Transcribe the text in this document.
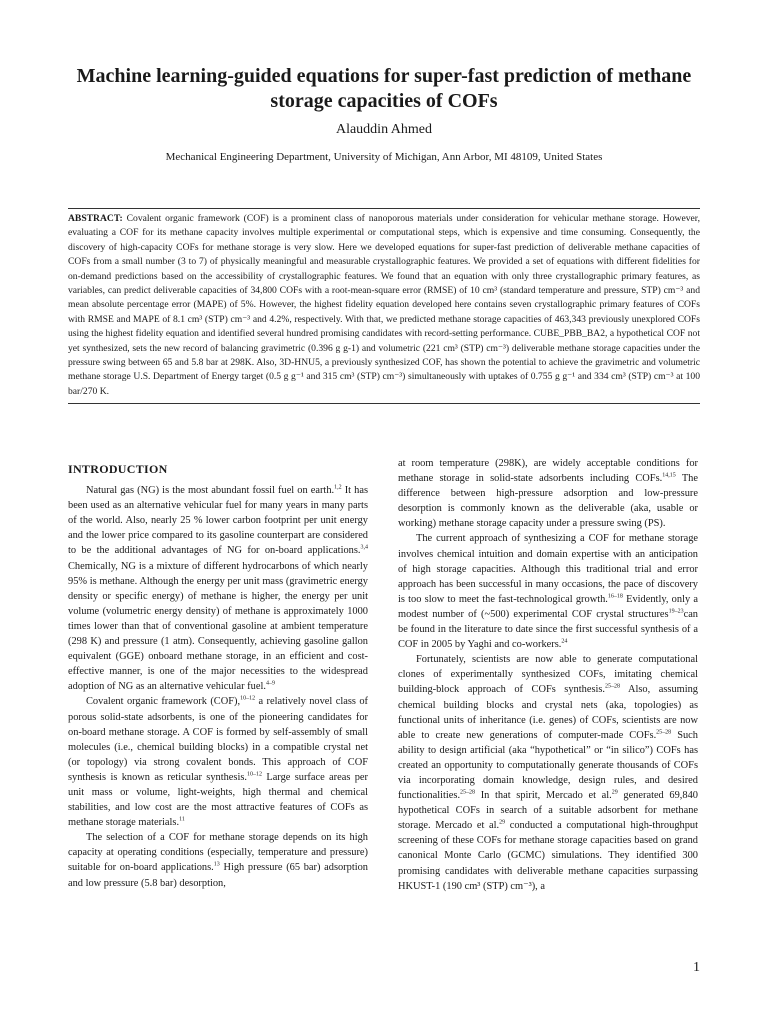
Machine learning-guided equations for super-fast prediction of methane storage capacities of COFs
Alauddin Ahmed
Mechanical Engineering Department, University of Michigan, Ann Arbor, MI 48109, United States

ABSTRACT: Covalent organic framework (COF) is a prominent class of nanoporous materials under consideration for vehicular methane storage. However, evaluating a COF for its methane capacity involves multiple experimental or computational steps, which is expensive and time consuming. Consequently, the discovery of high-capacity COFs for methane storage is very slow. Here we developed equations for super-fast prediction of deliverable methane capacities of COFs from a small number (3 to 7) of physically meaningful and measurable crystallographic features. We provided a set of equations with different fidelities for on-demand predictions based on the accessibility of crystallographic features. We found that an equation with only three crystallographic primary features, as variables, can predict deliverable capacities of 34,800 COFs with a root-mean-square error (RMSE) of 10 cm³ (standard temperature and pressure, STP) cm⁻³ and mean absolute percentage error (MAPE) of 5%. However, the highest fidelity equation developed here contains seven crystallographic primary features of COFs with RMSE and MAPE of 8.1 cm³ (STP) cm⁻³ and 4.2%, respectively. With that, we predicted methane storage capacities of 463,343 previously unexplored COFs using the highest fidelity equation and identified several hundred promising candidates with record-setting performance. CUBE_PBB_BA2, a hypothetical COF not yet synthesized, sets the new record of balancing gravimetric (0.396 g g-1) and volumetric (221 cm³ (STP) cm⁻³) deliverable methane storage capacities under the pressure swing between 65 and 5.8 bar at 298K. Also, 3D-HNU5, a previously synthesized COF, has shown the potential to achieve the gravimetric and volumetric methane storage U.S. Department of Energy target (0.5 g g⁻¹ and 315 cm³ (STP) cm⁻³) simultaneously with uptakes of 0.755 g g⁻¹ and 334 cm³ (STP) cm⁻³ at 100 bar/270 K.

INTRODUCTION

Natural gas (NG) is the most abundant fossil fuel on earth.$^{1,2}$ It has been used as an alternative vehicular fuel for many years in many parts of the world. Also, nearly 25 % lower carbon footprint per unit energy and the lower price compared to its gasoline counterpart are considered to be the additional advantages of NG for on-board applications.$^{3,4}$ Chemically, NG is a mixture of different hydrocarbons of which nearly 95% is methane. Although the energy per unit mass (gravimetric energy density or specific energy) of methane is higher, the energy per unit volume (volumetric energy density) of methane is approximately 1000 times lower than that of conventional gasoline at ambient temperature (298 K) and pressure (1 atm). Consequently, achieving gasoline gallon equivalent (GGE) onboard methane storage, in an efficient and cost-effective manner, is one of the major necessities to the widespread adoption of NG as an alternative vehicular fuel.$^{4-9}$

Covalent organic framework (COF),$^{10-12}$ a relatively novel class of porous solid-state adsorbents, is one of the pioneering candidates for on-board methane storage. A COF is formed by self-assembly of small molecules (i.e., chemical building blocks) in a compatible crystal net (or topology) via strong covalent bonds. This approach of COF synthesis is known as reticular synthesis.$^{10-12}$ Large surface areas per unit mass or volume, light-weights, high thermal and chemical stabilities, and low cost are the most attractive features of COFs as methane storage materials.$^{11}$

The selection of a COF for methane storage depends on its high capacity at operating conditions (especially, temperature and pressure) suitable for on-board applications.$^{13}$ High pressure (65 bar) adsorption and low pressure (5.8 bar) desorption,

at room temperature (298K), are widely acceptable conditions for methane storage in solid-state adsorbents including COFs.$^{14,15}$ The difference between high-pressure adsorption and low-pressure desorption is commonly known as the deliverable (aka, usable or working) methane storage capacity under a pressure swing (PS).

The current approach of synthesizing a COF for methane storage involves chemical intuition and domain expertise with an anticipation of high storage capacities. Although this traditional trial and error approach has been successful in many occasions, the pace of discovery is too slow to meet the fast-technological growth.$^{16-18}$ Evidently, only a modest number of (~500) experimental COF crystal structures$^{19-23}$can be found in the literature to date since the first successful synthesis of a COF in 2005 by Yaghi and co-workers.$^{24}$

Fortunately, scientists are now able to generate computational clones of experimentally synthesized COFs, imitating chemical building-block approach of COFs synthesis.$^{25-28}$ Also, assuming chemical building blocks and crystal nets (aka, topologies) as functional units of inheritance (i.e. genes) of COFs, scientists are now able to create new generations of computer-made COFs.$^{25-28}$ Such ability to design artificial (aka “hypothetical” or “in silico”) COFs has created an opportunity to computationally generate thousands of COFs via incorporating domain knowledge, design rules, and desired functionalities.$^{25-28}$ In that spirit, Mercado et al.$^{29}$ generated 69,840 hypothetical COFs in search of a suitable adsorbent for methane storage. Mercado et al.$^{29}$ conducted a computational high-throughput screening of these COFs for methane storage capacities based on grand canonical Monte Carlo (GCMC) simulations. They identified 300 promising candidates with deliverable methane capacities surpassing HKUST-1 (190 cm³ (STP) cm⁻³), a

1
